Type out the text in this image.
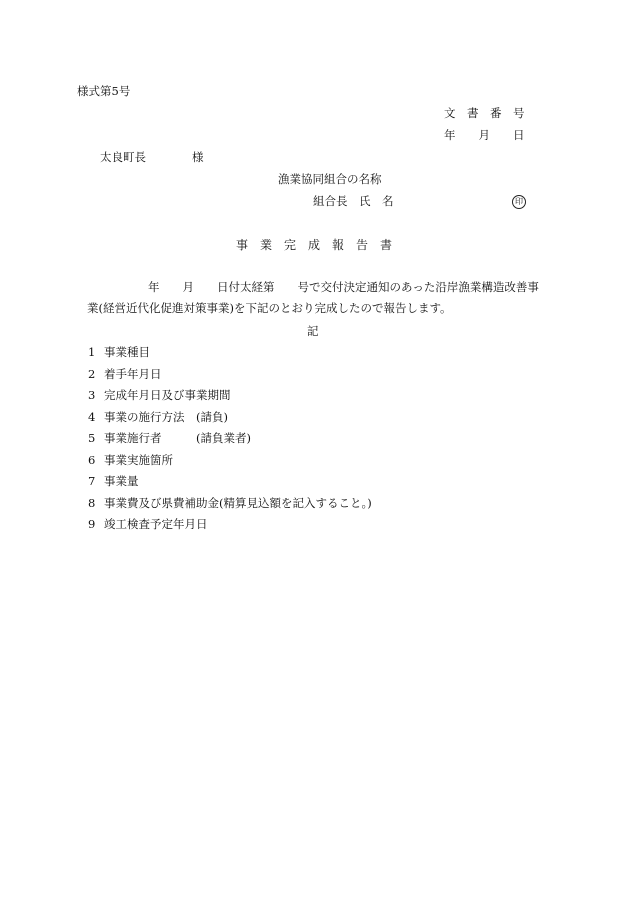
様式第5号
文　書　番　号
年　　月　　日
太良町長　　　　様
漁業協同組合の名称
組合長　氏　名	印
事　業　完　成　報　告　書
年　　月　　日付太経第　　号で交付決定通知のあった沿岸漁業構造改善事
業(経営近代化促進対策事業)を下記のとおり完成したので報告します。
記
1 事業種目
2 着手年月日
3 完成年月日及び事業期間
4 事業の施行方法　(請負)
5 事業施行者　　　(請負業者)
6 事業実施箇所
7 事業量
8 事業費及び県費補助金(精算見込額を記入すること。)
9 竣工検査予定年月日
